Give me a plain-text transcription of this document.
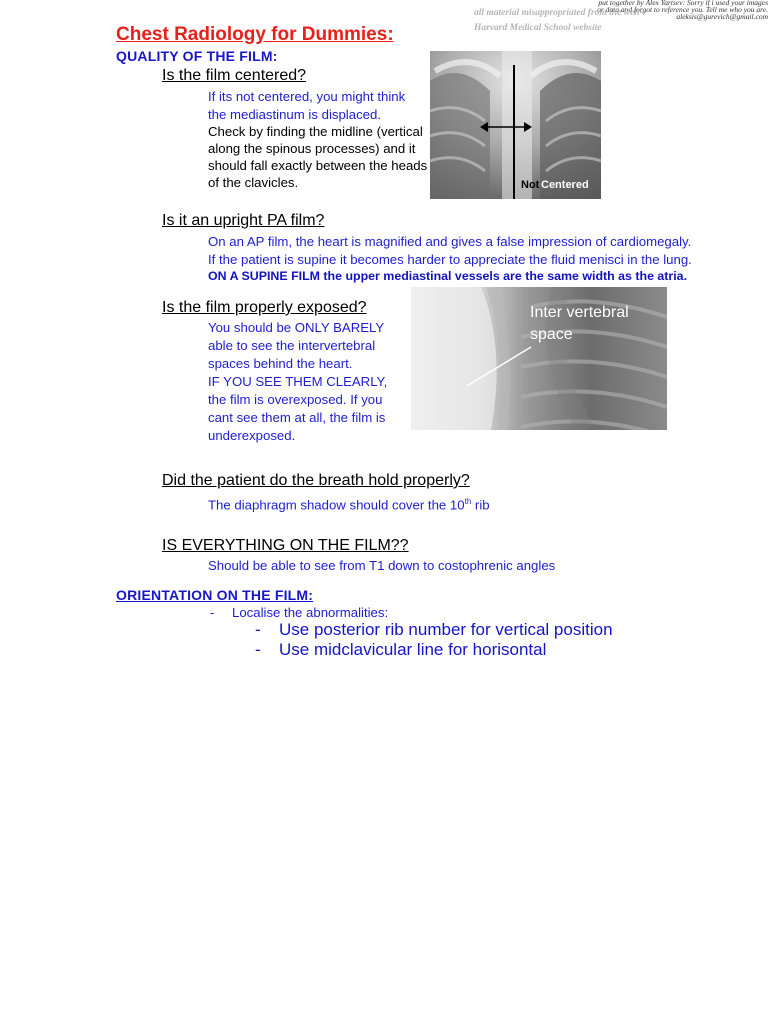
put together by Alex Yartsev: Sorry if i used your images
or data and forgot to reference you. Tell me who you are.
aleksis@gurevich@gmail.com
all material misappropriated from the well-r
Harvard Medical School website
Chest Radiology for Dummies:
QUALITY OF THE FILM:
Is the film centered?
If its not centered, you might think
the mediastinum is displaced.
Check by finding the midline (vertical
along the spinous processes) and it
should fall exactly between the heads
of the clavicles.	Not Centered
Is it an upright PA film?
On an AP film, the heart is magnified and gives a false impression of cardiomegaly.
If the patient is supine it becomes harder to appreciate the fluid menisci in the lung.
ON A SUPINE FILM the upper mediastinal vessels are the same width as the atria.
Is the film properly exposed?
You should be ONLY BARELY
able to see the intervertebral
spaces behind the heart.
IF YOU SEE THEM CLEARLY,
the film is overexposed. If you
cant see them at all, the film is
underexposed.
Inter vertebral
space
Did the patient do the breath hold properly?
The diaphragm shadow should cover the 10th rib
IS EVERYTHING ON THE FILM??
Should be able to see from T1 down to costophrenic angles
ORIENTATION ON THE FILM:
- Localise the abnormalities:
- Use posterior rib number for vertical position
- Use midclavicular line for horisontal
